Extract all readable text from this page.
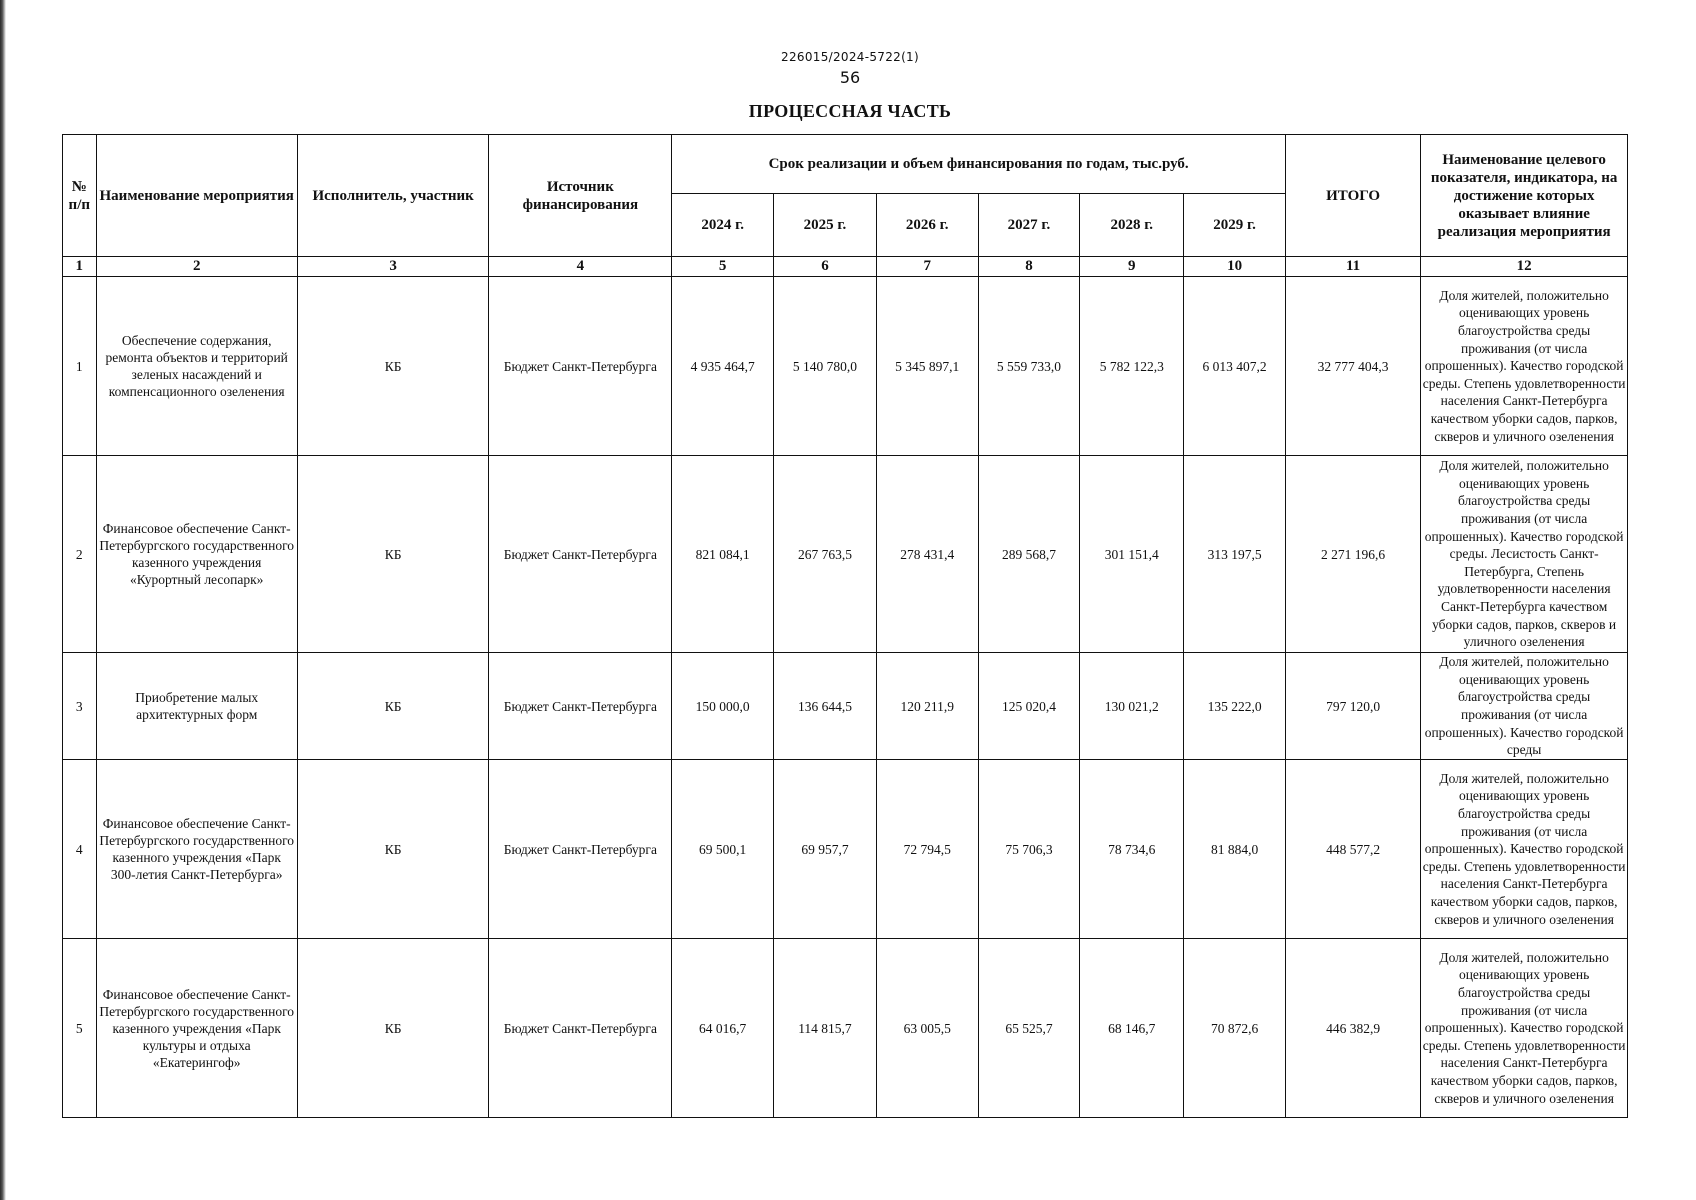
226015/2024-5722(1)
56
ПРОЦЕССНАЯ ЧАСТЬ
№ п/п	Наименование мероприятия	Исполнитель, участник	Источник финансирования	Срок реализации и объем финансирования по годам, тыс.руб.						ИТОГО	Наименование целевого показателя, индикатора, на достижение которых оказывает влияние реализация мероприятия
				2024 г.	2025 г.	2026 г.	2027 г.	2028 г.	2029 г.		
1	2	3	4	5	6	7	8	9	10	11	12
1	Обеспечение содержания, ремонта объектов и территорий зеленых насаждений и компенсационного озеленения	КБ	Бюджет Санкт-Петербурга	4 935 464,7	5 140 780,0	5 345 897,1	5 559 733,0	5 782 122,3	6 013 407,2	32 777 404,3	Доля жителей, положительно оценивающих уровень благоустройства среды проживания (от числа опрошенных). Качество городской среды. Степень удовлетворенности населения Санкт-Петербурга качеством уборки садов, парков, скверов и уличного озеленения
2	Финансовое обеспечение Санкт-Петербургского государственного казенного учреждения «Курортный лесопарк»	КБ	Бюджет Санкт-Петербурга	821 084,1	267 763,5	278 431,4	289 568,7	301 151,4	313 197,5	2 271 196,6	Доля жителей, положительно оценивающих уровень благоустройства среды проживания (от числа опрошенных). Качество городской среды. Лесистость Санкт-Петербурга, Степень удовлетворенности населения Санкт-Петербурга качеством уборки садов, парков, скверов и уличного озеленения
3	Приобретение малых архитектурных форм	КБ	Бюджет Санкт-Петербурга	150 000,0	136 644,5	120 211,9	125 020,4	130 021,2	135 222,0	797 120,0	Доля жителей, положительно оценивающих уровень благоустройства среды проживания (от числа опрошенных). Качество городской среды
4	Финансовое обеспечение Санкт-Петербургского государственного казенного учреждения «Парк 300-летия Санкт-Петербурга»	КБ	Бюджет Санкт-Петербурга	69 500,1	69 957,7	72 794,5	75 706,3	78 734,6	81 884,0	448 577,2	Доля жителей, положительно оценивающих уровень благоустройства среды проживания (от числа опрошенных). Качество городской среды. Степень удовлетворенности населения Санкт-Петербурга качеством уборки садов, парков, скверов и уличного озеленения
5	Финансовое обеспечение Санкт-Петербургского государственного казенного учреждения «Парк культуры и отдыха «Екатерингоф»	КБ	Бюджет Санкт-Петербурга	64 016,7	114 815,7	63 005,5	65 525,7	68 146,7	70 872,6	446 382,9	Доля жителей, положительно оценивающих уровень благоустройства среды проживания (от числа опрошенных). Качество городской среды. Степень удовлетворенности населения Санкт-Петербурга качеством уборки садов, парков, скверов и уличного озеленения
